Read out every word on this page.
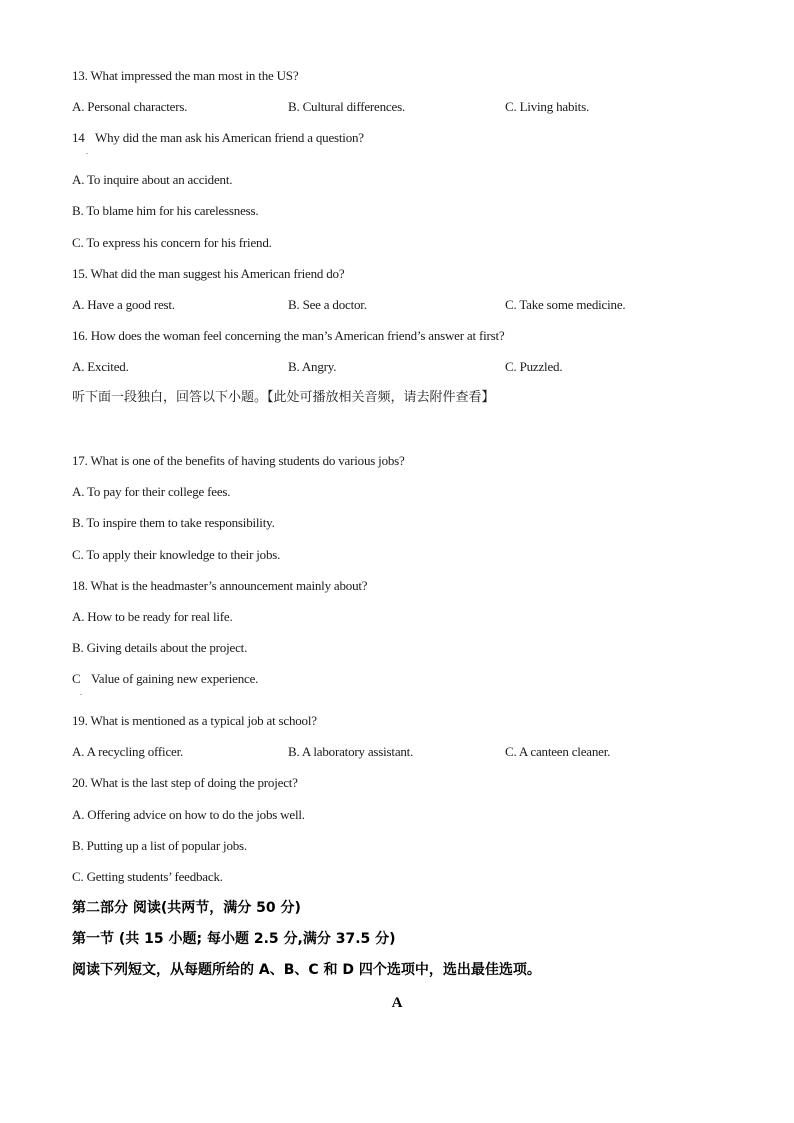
13. What impressed the man most in the US?
A. Personal characters.	B. Cultural differences.	C. Living habits.
14
.
Why did the man ask his American friend a question?
A. To inquire about an accident.
B. To blame him for his carelessness.
C. To express his concern for his friend.
15. What did the man suggest his American friend do?
A. Have a good rest.	B. See a doctor.	C. Take some medicine.
16. How does the woman feel concerning the man’s American friend’s answer at first?
A. Excited.	B. Angry.	C. Puzzled.
听下面一段独白，回答以下小题。【此处可播放相关音频，请去附件查看】
17. What is one of the benefits of having students do various jobs?
A. To pay for their college fees.
B. To inspire them to take responsibility.
C. To apply their knowledge to their jobs.
18. What is the headmaster’s announcement mainly about?
A. How to be ready for real life.
B. Giving details about the project.
C
.
Value of gaining new experience.
19. What is mentioned as a typical job at school?
A. A recycling officer.	B. A laboratory assistant.	C. A canteen cleaner.
20. What is the last step of doing the project?
A. Offering advice on how to do the jobs well.
B. Putting up a list of popular jobs.
C. Getting students’ feedback.
第二部分 阅读(共两节，满分 50 分)
第一节 (共 15 小题; 每小题 2.5 分,满分 37.5 分)
阅读下列短文，从每题所给的 A、B、C 和 D 四个选项中，选出最佳选项。
A
